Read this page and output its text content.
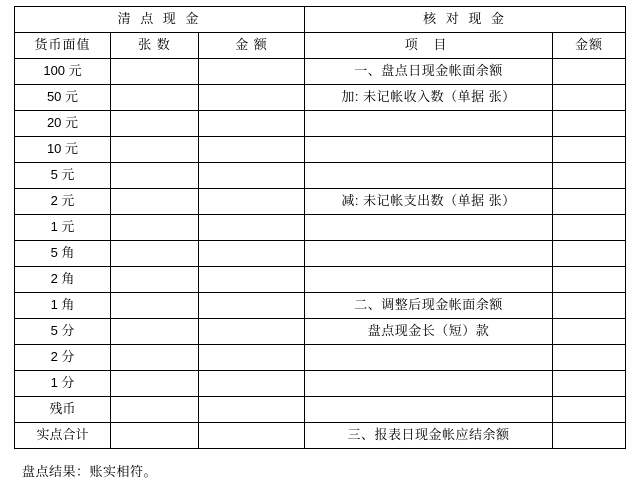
清 点 现 金			核 对 现 金	
货币面值	张 数	金 额	项 目	金额
100 元			一、盘点日现金帐面余额	
50 元			加: 未记帐收入数（单据 张）	
20 元				
10 元				
5 元				
2 元			减: 未记帐支出数（单据 张）	
1 元				
5 角				
2 角				
1 角			二、调整后现金帐面余额	
5 分			盘点现金长（短）款	
2 分				
1 分				
残币				
实点合计			三、报表日现金帐应结余额	
盘点结果：账实相符。
